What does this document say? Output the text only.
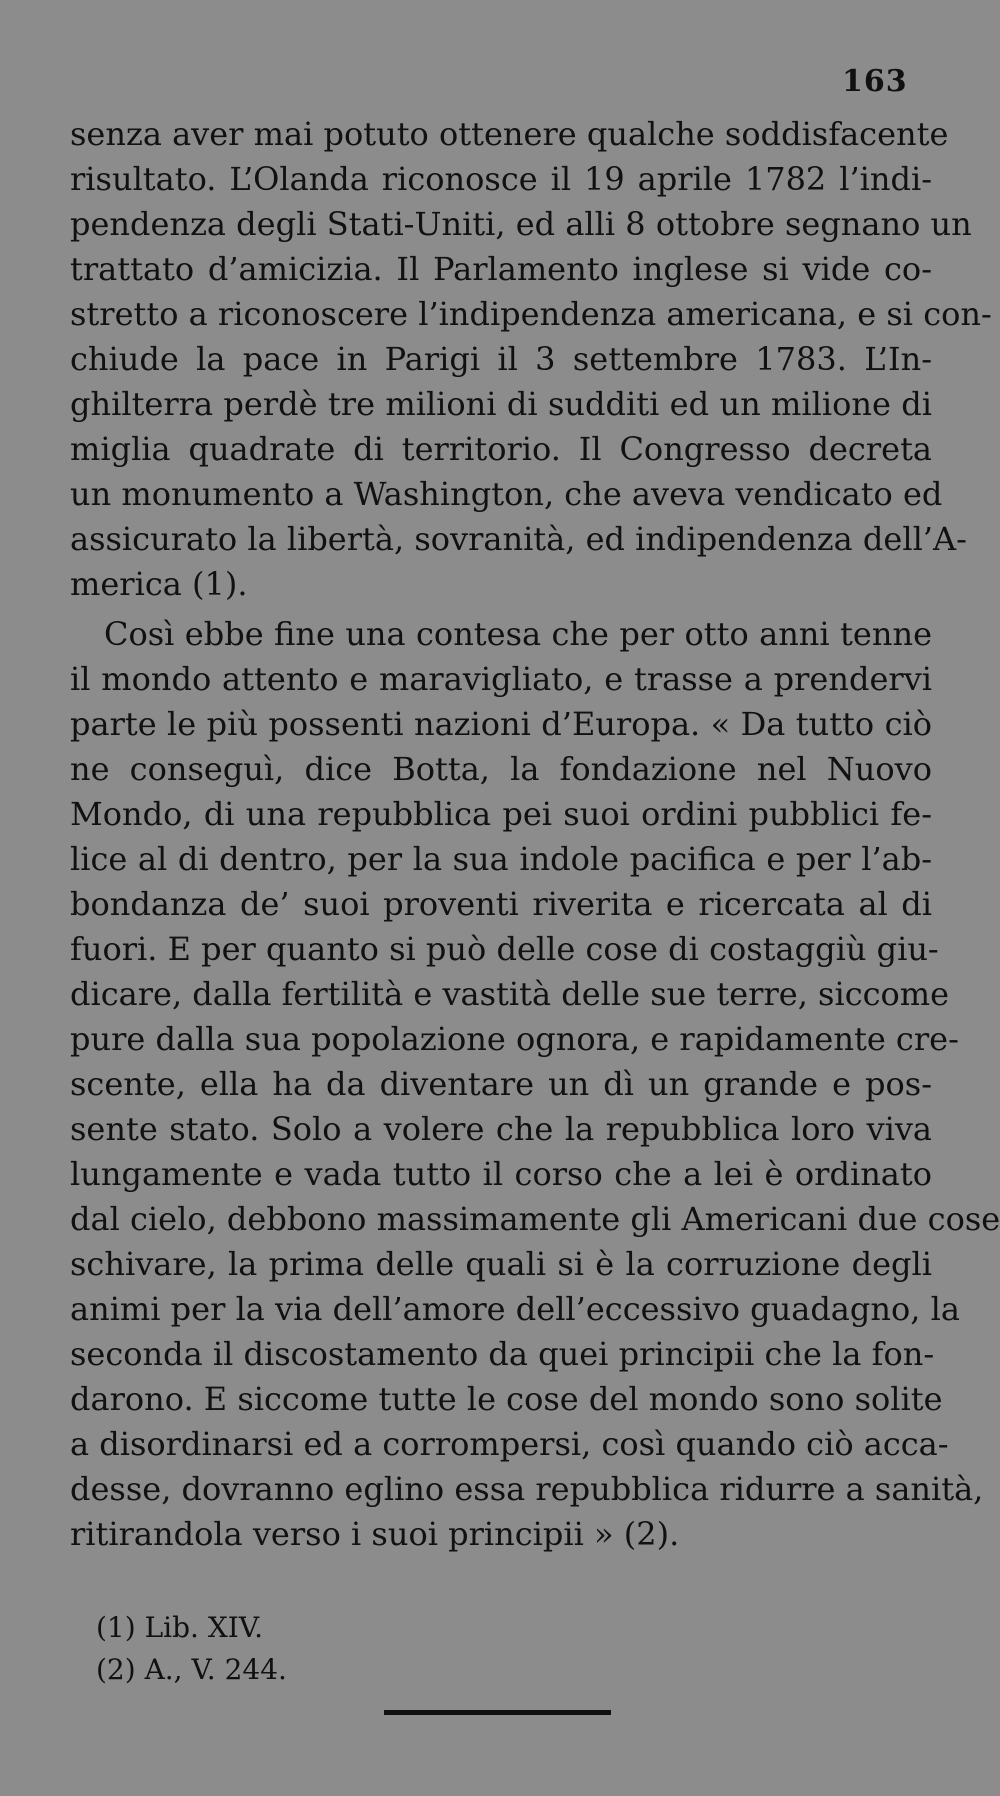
163
senza aver mai potuto ottenere qualche soddisfacente
risultato. L’Olanda riconosce il 19 aprile 1782 l’indi-
pendenza degli Stati-Uniti, ed alli 8 ottobre segnano un
trattato d’amicizia. Il Parlamento inglese si vide co-
stretto a riconoscere l’indipendenza americana, e si con-
chiude la pace in Parigi il 3 settembre 1783. L’In-
ghilterra perdè tre milioni di sudditi ed un milione di
miglia quadrate di territorio. Il Congresso decreta
un monumento a Washington, che aveva vendicato ed
assicurato la libertà, sovranità, ed indipendenza dell’A-
merica (1).
Così ebbe fine una contesa che per otto anni tenne
il mondo attento e maravigliato, e trasse a prendervi
parte le più possenti nazioni d’Europa. « Da tutto ciò
ne conseguì, dice Botta, la fondazione nel Nuovo
Mondo, di una repubblica pei suoi ordini pubblici fe-
lice al di dentro, per la sua indole pacifica e per l’ab-
bondanza de’ suoi proventi riverita e ricercata al di
fuori. E per quanto si può delle cose di costaggiù giu-
dicare, dalla fertilità e vastità delle sue terre, siccome
pure dalla sua popolazione ognora, e rapidamente cre-
scente, ella ha da diventare un dì un grande e pos-
sente stato. Solo a volere che la repubblica loro viva
lungamente e vada tutto il corso che a lei è ordinato
dal cielo, debbono massimamente gli Americani due cose
schivare, la prima delle quali si è la corruzione degli
animi per la via dell’amore dell’eccessivo guadagno, la
seconda il discostamento da quei principii che la fon-
darono. E siccome tutte le cose del mondo sono solite
a disordinarsi ed a corrompersi, così quando ciò acca-
desse, dovranno eglino essa repubblica ridurre a sanità,
ritirandola verso i suoi principii » (2).
(1) Lib. XIV.
(2) A., V. 244.
